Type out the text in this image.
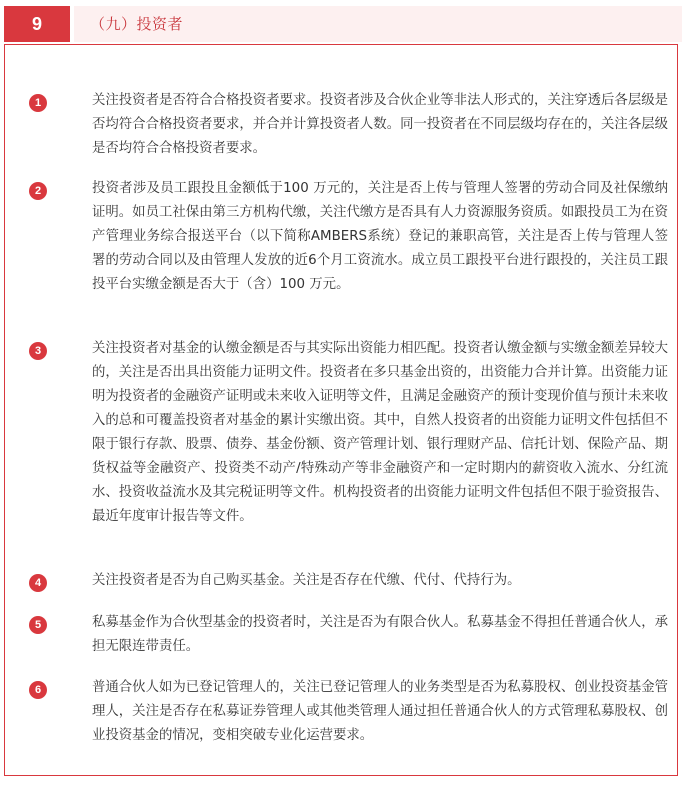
9	（九）投资者
1	关注投资者是否符合合格投资者要求。投资者涉及合伙企业等非法人形式的，关注穿透后各层级是否均符合合格投资者要求，并合并计算投资者人数。同一投资者在不同层级均存在的，关注各层级是否均符合合格投资者要求。

2	投资者涉及员工跟投且金额低于100 万元的，关注是否上传与管理人签署的劳动合同及社保缴纳证明。如员工社保由第三方机构代缴，关注代缴方是否具有人力资源服务资质。如跟投员工为在资产管理业务综合报送平台（以下简称AMBERS系统）登记的兼职高管，关注是否上传与管理人签署的劳动合同以及由管理人发放的近6个月工资流水。成立员工跟投平台进行跟投的，关注员工跟投平台实缴金额是否大于（含）100 万元。

3	关注投资者对基金的认缴金额是否与其实际出资能力相匹配。投资者认缴金额与实缴金额差异较大的，关注是否出具出资能力证明文件。投资者在多只基金出资的，出资能力合并计算。出资能力证明为投资者的金融资产证明或未来收入证明等文件，且满足金融资产的预计变现价值与预计未来收入的总和可覆盖投资者对基金的累计实缴出资。其中，自然人投资者的出资能力证明文件包括但不限于银行存款、股票、债券、基金份额、资产管理计划、银行理财产品、信托计划、保险产品、期货权益等金融资产、投资类不动产/特殊动产等非金融资产和一定时期内的薪资收入流水、分红流水、投资收益流水及其完税证明等文件。机构投资者的出资能力证明文件包括但不限于验资报告、最近年度审计报告等文件。

4	关注投资者是否为自己购买基金。关注是否存在代缴、代付、代持行为。

5	私募基金作为合伙型基金的投资者时，关注是否为有限合伙人。私募基金不得担任普通合伙人，承担无限连带责任。

6	普通合伙人如为已登记管理人的，关注已登记管理人的业务类型是否为私募股权、创业投资基金管理人，关注是否存在私募证券管理人或其他类管理人通过担任普通合伙人的方式管理私募股权、创业投资基金的情况，变相突破专业化运营要求。
